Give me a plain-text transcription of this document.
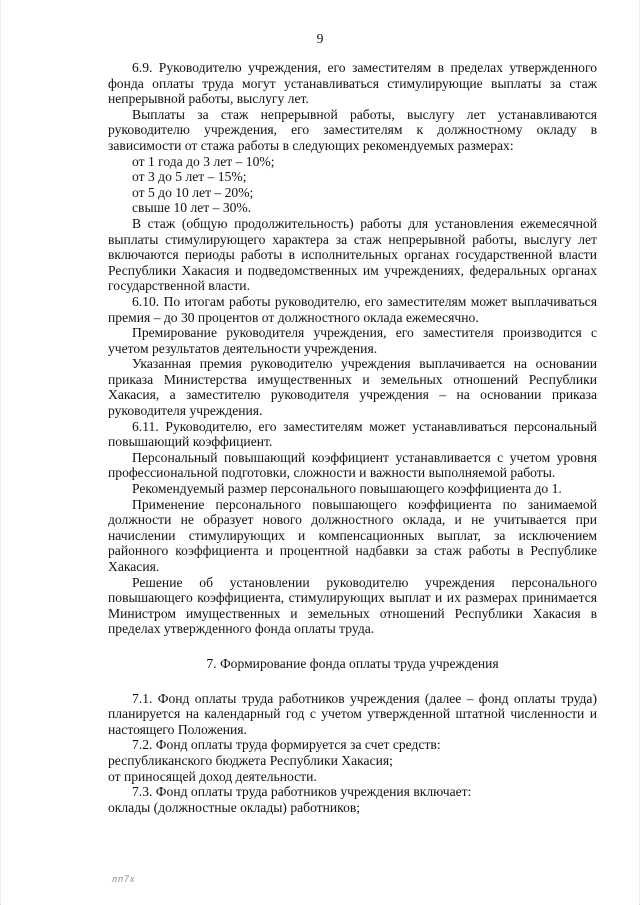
9

6.9. Руководителю учреждения, его заместителям в пределах утвержденного фонда оплаты труда могут устанавливаться стимулирующие выплаты за стаж непрерывной работы, выслугу лет.

Выплаты за стаж непрерывной работы, выслугу лет устанавливаются руководителю учреждения, его заместителям к должностному окладу в зависимости от стажа работы в следующих рекомендуемых размерах:

от 1 года до 3 лет – 10%;

от 3 до 5 лет – 15%;

от 5 до 10 лет – 20%;

свыше 10 лет – 30%.

В стаж (общую продолжительность) работы для установления ежемесячной выплаты стимулирующего характера за стаж непрерывной работы, выслугу лет включаются периоды работы в исполнительных органах государственной власти Республики Хакасия и подведомственных им учреждениях, федеральных органах государственной власти.

6.10. По итогам работы руководителю, его заместителям может выплачиваться премия – до 30 процентов от должностного оклада ежемесячно.

Премирование руководителя учреждения, его заместителя производится с учетом результатов деятельности учреждения.

Указанная премия руководителю учреждения выплачивается на основании приказа Министерства имущественных и земельных отношений Республики Хакасия, а заместителю руководителя учреждения – на основании приказа руководителя учреждения.

6.11. Руководителю, его заместителям может устанавливаться персональный повышающий коэффициент.

Персональный повышающий коэффициент устанавливается с учетом уровня профессиональной подготовки, сложности и важности выполняемой работы.

Рекомендуемый размер персонального повышающего коэффициента до 1.

Применение персонального повышающего коэффициента по занимаемой должности не образует нового должностного оклада, и не учитывается при начислении стимулирующих и компенсационных выплат, за исключением районного коэффициента и процентной надбавки за стаж работы в Республике Хакасия.

Решение об установлении руководителю учреждения персонального повышающего коэффициента, стимулирующих выплат и их размерах принимается Министром имущественных и земельных отношений Республики Хакасия в пределах утвержденного фонда оплаты труда.

7. Формирование фонда оплаты труда учреждения

7.1. Фонд оплаты труда работников учреждения (далее – фонд оплаты труда) планируется на календарный год с учетом утвержденной штатной численности и настоящего Положения.

7.2. Фонд оплаты труда формируется за счет средств:

республиканского бюджета Республики Хакасия;

от приносящей доход деятельности.

7.3. Фонд оплаты труда работников учреждения включает:

оклады (должностные оклады) работников;

лп7х
